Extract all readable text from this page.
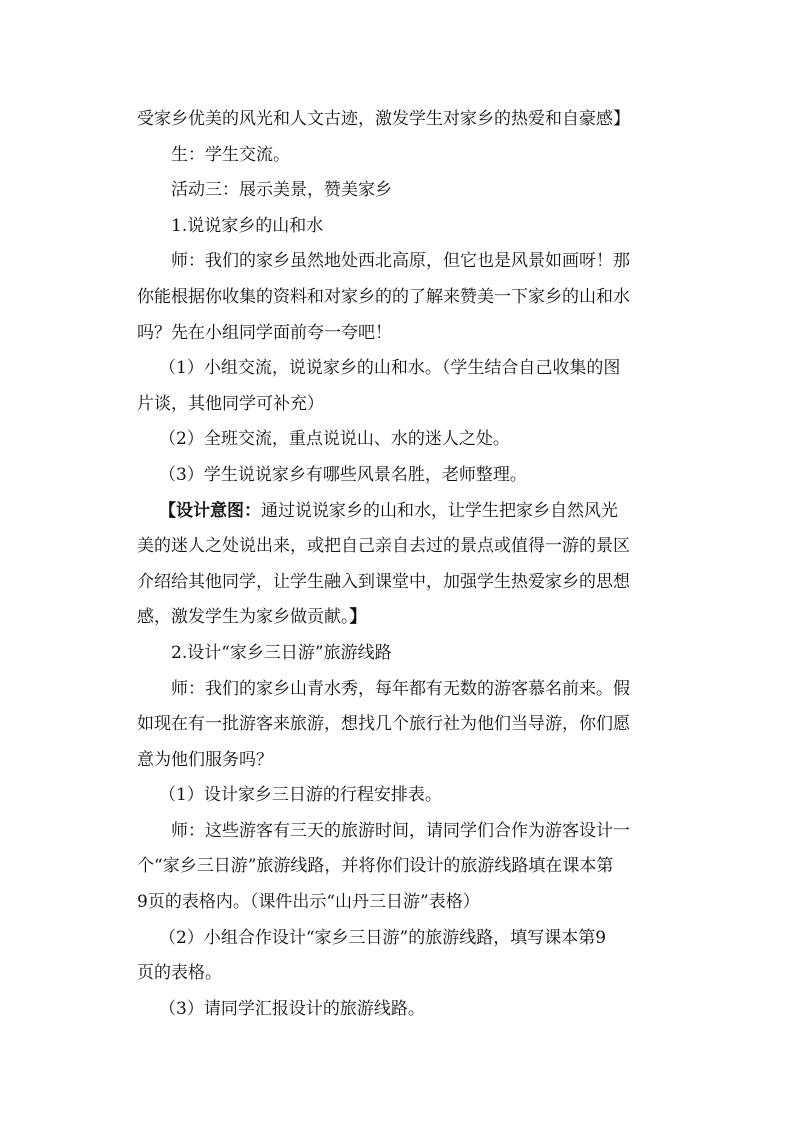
受家乡优美的风光和人文古迹，激发学生对家乡的热爱和自豪感】

生：学生交流。

活动三：展示美景，赞美家乡

1.说说家乡的山和水

师：我们的家乡虽然地处西北高原，但它也是风景如画呀！那

你能根据你收集的资料和对家乡的的了解来赞美一下家乡的山和水

吗？先在小组同学面前夸一夸吧！

（1）小组交流，说说家乡的山和水。（学生结合自己收集的图

片谈，其他同学可补充）

（2）全班交流，重点说说山、水的迷人之处。

（3）学生说说家乡有哪些风景名胜，老师整理。

【设计意图：通过说说家乡的山和水，让学生把家乡自然风光

美的迷人之处说出来，或把自己亲自去过的景点或值得一游的景区

介绍给其他同学，让学生融入到课堂中，加强学生热爱家乡的思想

感，激发学生为家乡做贡献。】

2.设计“家乡三日游”旅游线路

师：我们的家乡山青水秀，每年都有无数的游客慕名前来。假

如现在有一批游客来旅游，想找几个旅行社为他们当导游，你们愿

意为他们服务吗？

（1）设计家乡三日游的行程安排表。

师：这些游客有三天的旅游时间，请同学们合作为游客设计一

个“家乡三日游”旅游线路，并将你们设计的旅游线路填在课本第

9页的表格内。（课件出示“山丹三日游”表格）

（2）小组合作设计“家乡三日游”的旅游线路，填写课本第9

页的表格。

（3）请同学汇报设计的旅游线路。
